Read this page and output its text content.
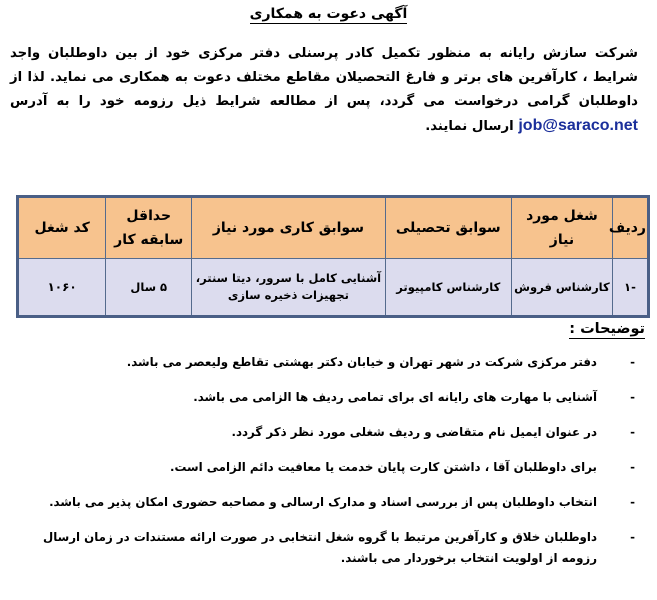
آگهی دعوت به همکاری
شرکت سازش رایانه به منظور تکمیل کادر پرسنلی دفتر مرکزی خود از بین داوطلبان واجد شرایط ، کارآفرین های برتر و فارغ التحصیلان مقاطع مختلف دعوت به همکاری می نماید. لذا از داوطلبان گرامی درخواست می گردد، پس از مطالعه شرایط ذیل رزومه خود را به آدرس job@saraco.net ارسال نمایند.
ردیف	شغل مورد نیاز	سوابق تحصیلی	سوابق کاری مورد نیاز	حداقل سابقه کار	کد شغل
-۱	کارشناس فروش	کارشناس کامپیوتر	آشنایی کامل با سرور، دیتا سنتر، تجهیزات ذخیره سازی	۵ سال	۱۰۶۰
توضیحات :
-
دفتر مرکزی شرکت در شهر تهران و خیابان دکتر بهشتی تقاطع ولیعصر می باشد.
-
آشنایی با مهارت های رایانه ای برای تمامی ردیف ها الزامی می باشد.
-
در عنوان ایمیل نام متقاضی و ردیف شغلی مورد نظر ذکر گردد.
-
برای داوطلبان آقا ، داشتن کارت پایان خدمت یا معافیت دائم الزامی است.
-
انتخاب داوطلبان پس از بررسی اسناد و مدارک ارسالی و مصاحبه حضوری امکان پذیر می باشد.
-
داوطلبان خلاق و کارآفرین مرتبط با گروه شغل انتخابی در صورت ارائه مستندات در زمان ارسال رزومه از اولویت انتخاب برخوردار می باشند.
